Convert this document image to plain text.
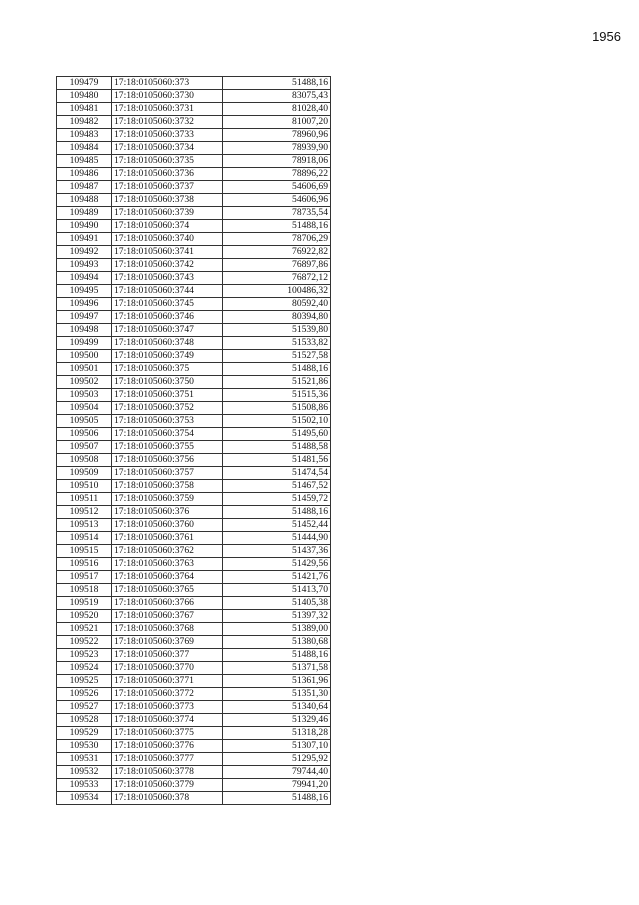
1956
109479	17:18:0105060:373	51488,16
109480	17:18:0105060:3730	83075,43
109481	17:18:0105060:3731	81028,40
109482	17:18:0105060:3732	81007,20
109483	17:18:0105060:3733	78960,96
109484	17:18:0105060:3734	78939,90
109485	17:18:0105060:3735	78918,06
109486	17:18:0105060:3736	78896,22
109487	17:18:0105060:3737	54606,69
109488	17:18:0105060:3738	54606,96
109489	17:18:0105060:3739	78735,54
109490	17:18:0105060:374	51488,16
109491	17:18:0105060:3740	78706,29
109492	17:18:0105060:3741	76922,82
109493	17:18:0105060:3742	76897,86
109494	17:18:0105060:3743	76872,12
109495	17:18:0105060:3744	100486,32
109496	17:18:0105060:3745	80592,40
109497	17:18:0105060:3746	80394,80
109498	17:18:0105060:3747	51539,80
109499	17:18:0105060:3748	51533,82
109500	17:18:0105060:3749	51527,58
109501	17:18:0105060:375	51488,16
109502	17:18:0105060:3750	51521,86
109503	17:18:0105060:3751	51515,36
109504	17:18:0105060:3752	51508,86
109505	17:18:0105060:3753	51502,10
109506	17:18:0105060:3754	51495,60
109507	17:18:0105060:3755	51488,58
109508	17:18:0105060:3756	51481,56
109509	17:18:0105060:3757	51474,54
109510	17:18:0105060:3758	51467,52
109511	17:18:0105060:3759	51459,72
109512	17:18:0105060:376	51488,16
109513	17:18:0105060:3760	51452,44
109514	17:18:0105060:3761	51444,90
109515	17:18:0105060:3762	51437,36
109516	17:18:0105060:3763	51429,56
109517	17:18:0105060:3764	51421,76
109518	17:18:0105060:3765	51413,70
109519	17:18:0105060:3766	51405,38
109520	17:18:0105060:3767	51397,32
109521	17:18:0105060:3768	51389,00
109522	17:18:0105060:3769	51380,68
109523	17:18:0105060:377	51488,16
109524	17:18:0105060:3770	51371,58
109525	17:18:0105060:3771	51361,96
109526	17:18:0105060:3772	51351,30
109527	17:18:0105060:3773	51340,64
109528	17:18:0105060:3774	51329,46
109529	17:18:0105060:3775	51318,28
109530	17:18:0105060:3776	51307,10
109531	17:18:0105060:3777	51295,92
109532	17:18:0105060:3778	79744,40
109533	17:18:0105060:3779	79941,20
109534	17:18:0105060:378	51488,16
